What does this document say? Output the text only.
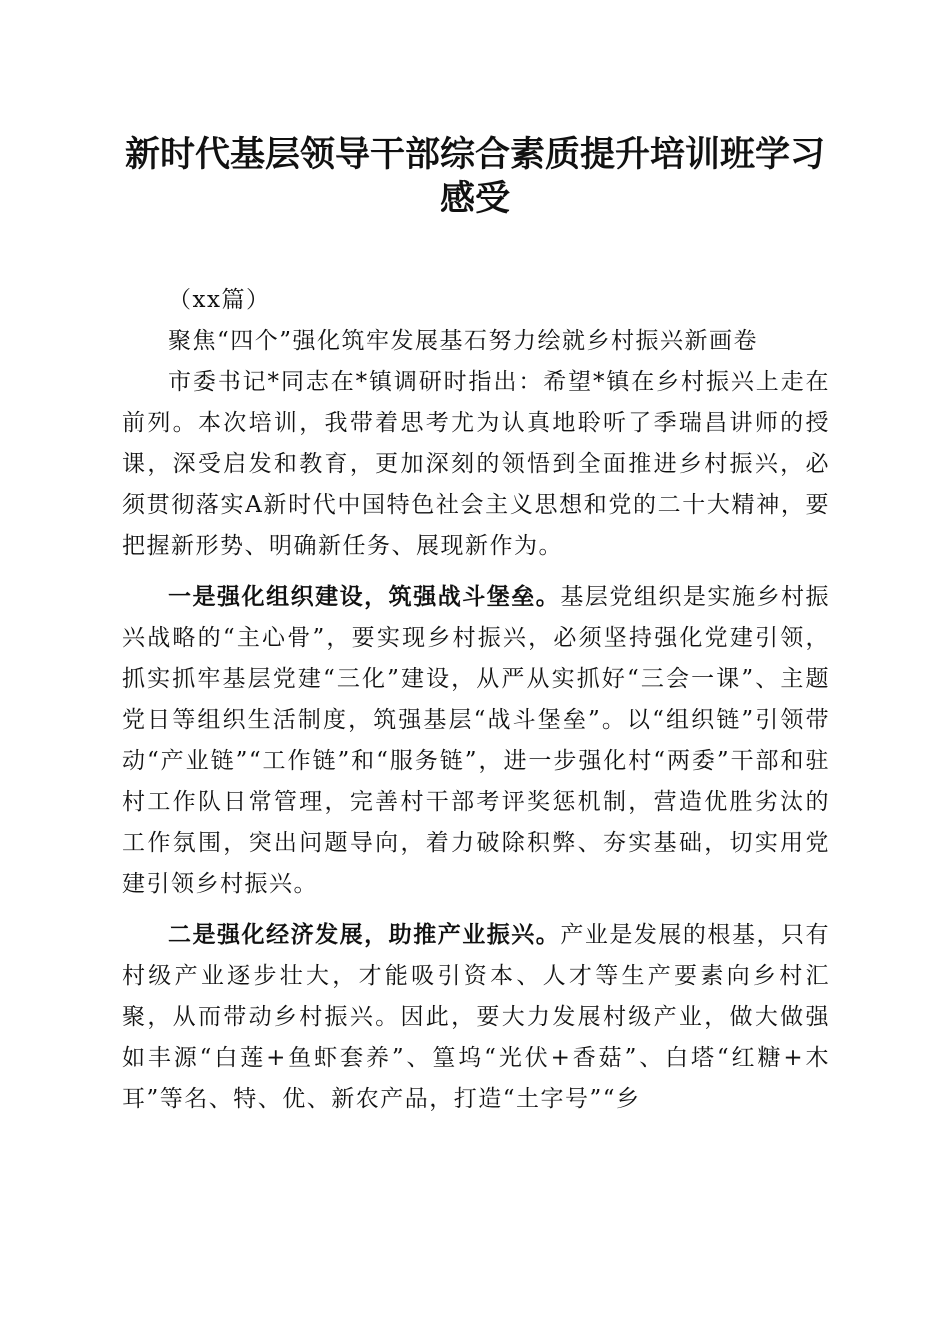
新时代基层领导干部综合素质提升培训班学习
感受

（xx篇）

聚焦“四个”强化筑牢发展基石努力绘就乡村振兴新画卷

市委书记*同志在*镇调研时指出：希望*镇在乡村振兴上走在前列。本次培训，我带着思考尤为认真地聆听了季瑞昌讲师的授课，深受启发和教育，更加深刻的领悟到全面推进乡村振兴，必须贯彻落实A新时代中国特色社会主义思想和党的二十大精神，要把握新形势、明确新任务、展现新作为。

一是强化组织建设，筑强战斗堡垒。基层党组织是实施乡村振兴战略的“主心骨”，要实现乡村振兴，必须坚持强化党建引领，抓实抓牢基层党建“三化”建设，从严从实抓好“三会一课”、主题党日等组织生活制度，筑强基层“战斗堡垒”。以“组织链”引领带动“产业链”“工作链”和“服务链”，进一步强化村“两委”干部和驻村工作队日常管理，完善村干部考评奖惩机制，营造优胜劣汰的工作氛围，突出问题导向，着力破除积弊、夯实基础，切实用党建引领乡村振兴。

二是强化经济发展，助推产业振兴。产业是发展的根基，只有村级产业逐步壮大，才能吸引资本、人才等生产要素向乡村汇聚，从而带动乡村振兴。因此，要大力发展村级产业，做大做强如丰源“白莲+鱼虾套养”、篁坞“光伏+香菇”、白塔“红糖+木耳”等名、特、优、新农产品，打造“土字号”“乡
